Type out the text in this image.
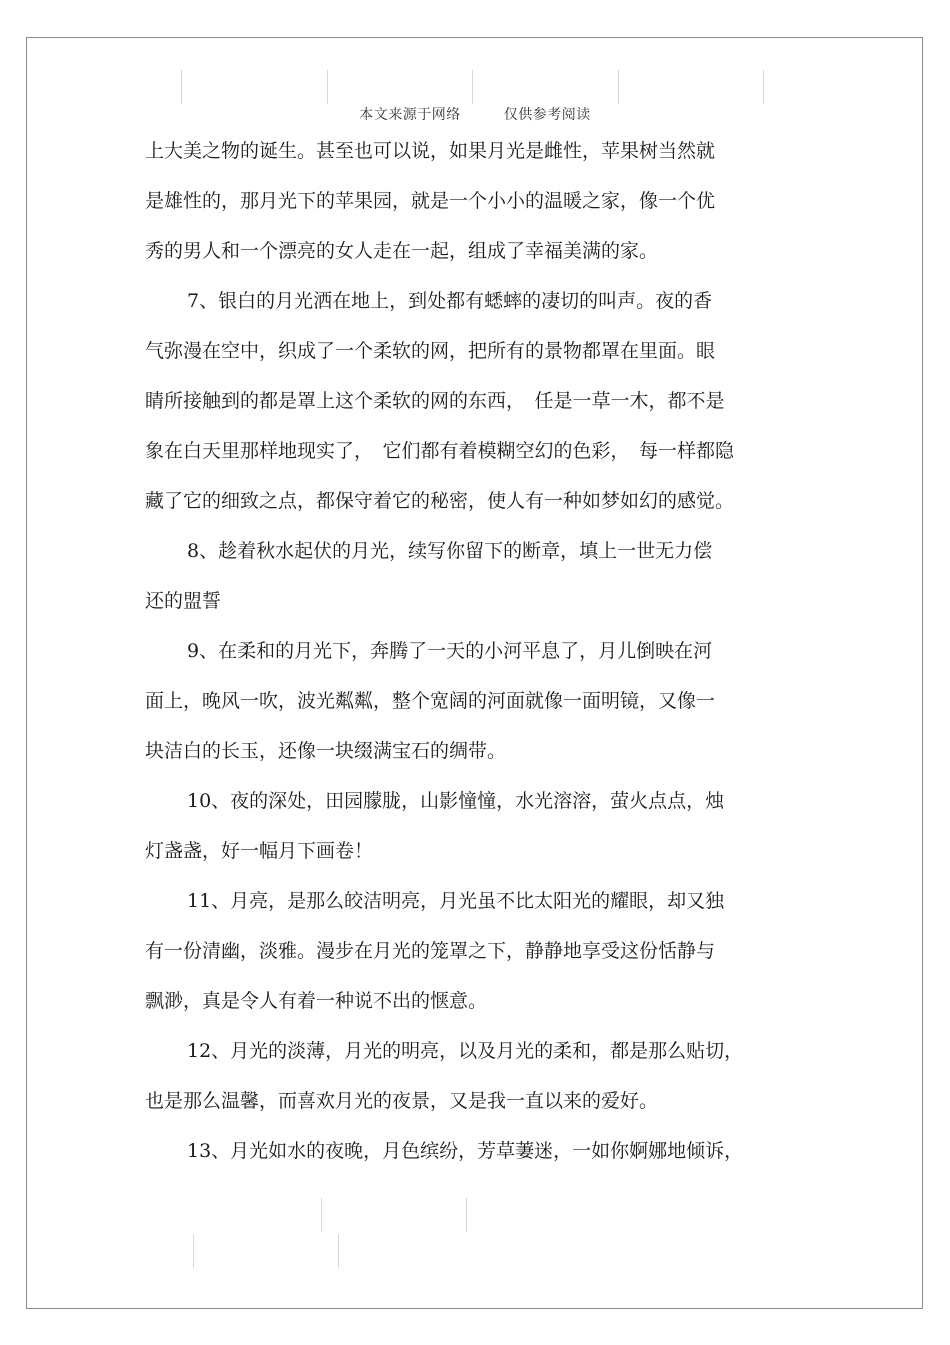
本文来源于网络	仅供参考阅读
上大美之物的诞生。甚至也可以说，如果月光是雌性，苹果树当然就
是雄性的，那月光下的苹果园，就是一个小小的温暖之家，像一个优
秀的男人和一个漂亮的女人走在一起，组成了幸福美满的家。
7、银白的月光洒在地上，到处都有蟋蟀的凄切的叫声。夜的香
气弥漫在空中，织成了一个柔软的网，把所有的景物都罩在里面。眼
睛所接触到的都是罩上这个柔软的网的东西，　任是一草一木，都不是
象在白天里那样地现实了，　它们都有着模糊空幻的色彩，　每一样都隐
藏了它的细致之点，都保守着它的秘密，使人有一种如梦如幻的感觉。
8、趁着秋水起伏的月光，续写你留下的断章，填上一世无力偿
还的盟誓
9、在柔和的月光下，奔腾了一天的小河平息了，月儿倒映在河
面上，晚风一吹，波光粼粼，整个宽阔的河面就像一面明镜，又像一
块洁白的长玉，还像一块缀满宝石的绸带。
10、夜的深处，田园朦胧，山影憧憧，水光溶溶，萤火点点，烛
灯盏盏，好一幅月下画卷！
11、月亮，是那么皎洁明亮，月光虽不比太阳光的耀眼，却又独
有一份清幽，淡雅。漫步在月光的笼罩之下，静静地享受这份恬静与
飘渺，真是令人有着一种说不出的惬意。
12、月光的淡薄，月光的明亮，以及月光的柔和，都是那么贴切，
也是那么温馨，而喜欢月光的夜景，又是我一直以来的爱好。
13、月光如水的夜晚，月色缤纷，芳草萋迷，一如你婀娜地倾诉，
